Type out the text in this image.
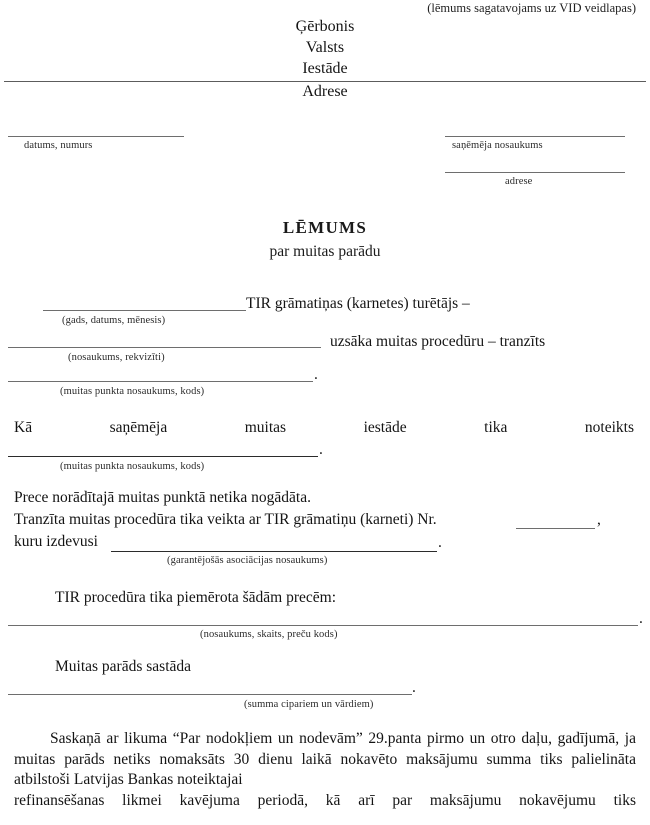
(lēmums sagatavojams uz VID veidlapas)
Ģērbonis
Valsts
Iestāde
Adrese
datums, numurs	saņēmēja nosaukums
adrese
LĒMUMS
par muitas parādu
(gads, datums, mēnesis)
TIR grāmatiņas (karnetes) turētājs –
(nosaukums, rekvizīti)
uzsāka muitas procedūru – tranzīts
.
(muitas punkta nosaukums, kods)
Kā	saņēmēja	muitas	iestāde	tika	noteikts
.
(muitas punkta nosaukums, kods)
Prece norādītajā muitas punktā netika nogādāta.
Tranzīta muitas procedūra tika veikta ar TIR grāmatiņu (karneti) Nr.	,
kuru izdevusi	.
(garantējošās asociācijas nosaukums)
TIR procedūra tika piemērota šādām precēm:
.
(nosaukums, skaits, preču kods)
Muitas parāds sastāda
.
(summa cipariem un vārdiem)
Saskaņā ar likuma “Par nodokļiem un nodevām” 29.panta pirmo un otro daļu, gadījumā, ja muitas parāds netiks nomaksāts 30 dienu laikā nokavēto maksājumu summa tiks palielināta atbilstoši Latvijas Bankas noteiktajai
refinansēšanas likmei kavējuma periodā, kā arī par maksājumu nokavējumu tiks
